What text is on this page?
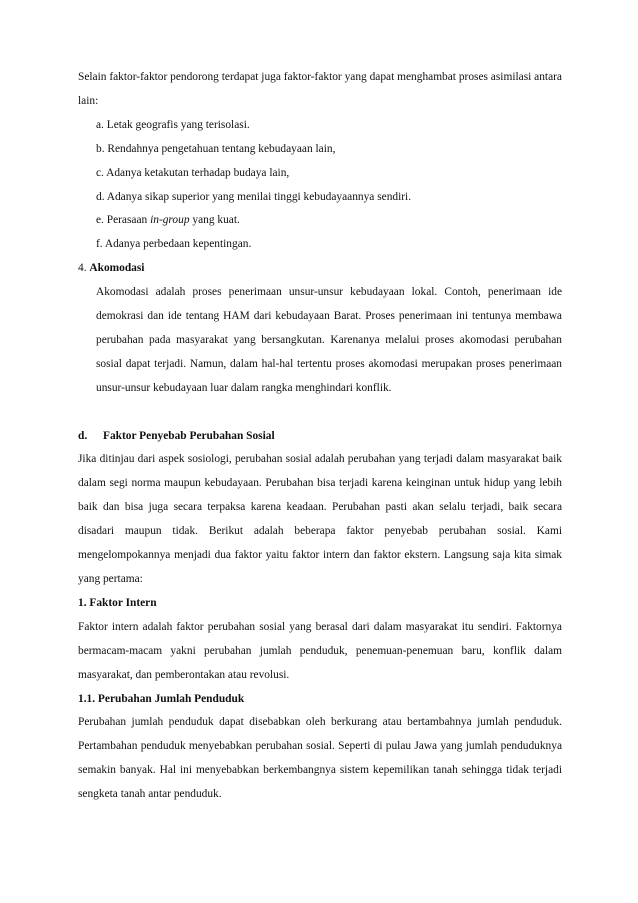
Selain faktor-faktor pendorong terdapat juga faktor-faktor yang dapat menghambat proses asimilasi antara lain:

a. Letak geografis yang terisolasi.
b. Rendahnya pengetahuan tentang kebudayaan lain,
c. Adanya ketakutan terhadap budaya lain,
d. Adanya sikap superior yang menilai tinggi kebudayaannya sendiri.
e. Perasaan in-group yang kuat.
f. Adanya perbedaan kepentingan.

4. Akomodasi

Akomodasi adalah proses penerimaan unsur-unsur kebudayaan lokal. Contoh, penerimaan ide demokrasi dan ide tentang HAM dari kebudayaan Barat. Proses penerimaan ini tentunya membawa perubahan pada masyarakat yang bersangkutan. Karenanya melalui proses akomodasi perubahan sosial dapat terjadi. Namun, dalam hal-hal tertentu proses akomodasi merupakan proses penerimaan unsur-unsur kebudayaan luar dalam rangka menghindari konflik.

d. Faktor Penyebab Perubahan Sosial

Jika ditinjau dari aspek sosiologi, perubahan sosial adalah perubahan yang terjadi dalam masyarakat baik dalam segi norma maupun kebudayaan. Perubahan bisa terjadi karena keinginan untuk hidup yang lebih baik dan bisa juga secara terpaksa karena keadaan. Perubahan pasti akan selalu terjadi, baik secara disadari maupun tidak. Berikut adalah beberapa faktor penyebab perubahan sosial. Kami mengelompokannya menjadi dua faktor yaitu faktor intern dan faktor ekstern. Langsung saja kita simak yang pertama:

1. Faktor Intern

Faktor intern adalah faktor perubahan sosial yang berasal dari dalam masyarakat itu sendiri. Faktornya bermacam-macam yakni perubahan jumlah penduduk, penemuan-penemuan baru, konflik dalam masyarakat, dan pemberontakan atau revolusi.

1.1. Perubahan Jumlah Penduduk

Perubahan jumlah penduduk dapat disebabkan oleh berkurang atau bertambahnya jumlah penduduk. Pertambahan penduduk menyebabkan perubahan sosial. Seperti di pulau Jawa yang jumlah penduduknya semakin banyak. Hal ini menyebabkan berkembangnya sistem kepemilikan tanah sehingga tidak terjadi sengketa tanah antar penduduk.
